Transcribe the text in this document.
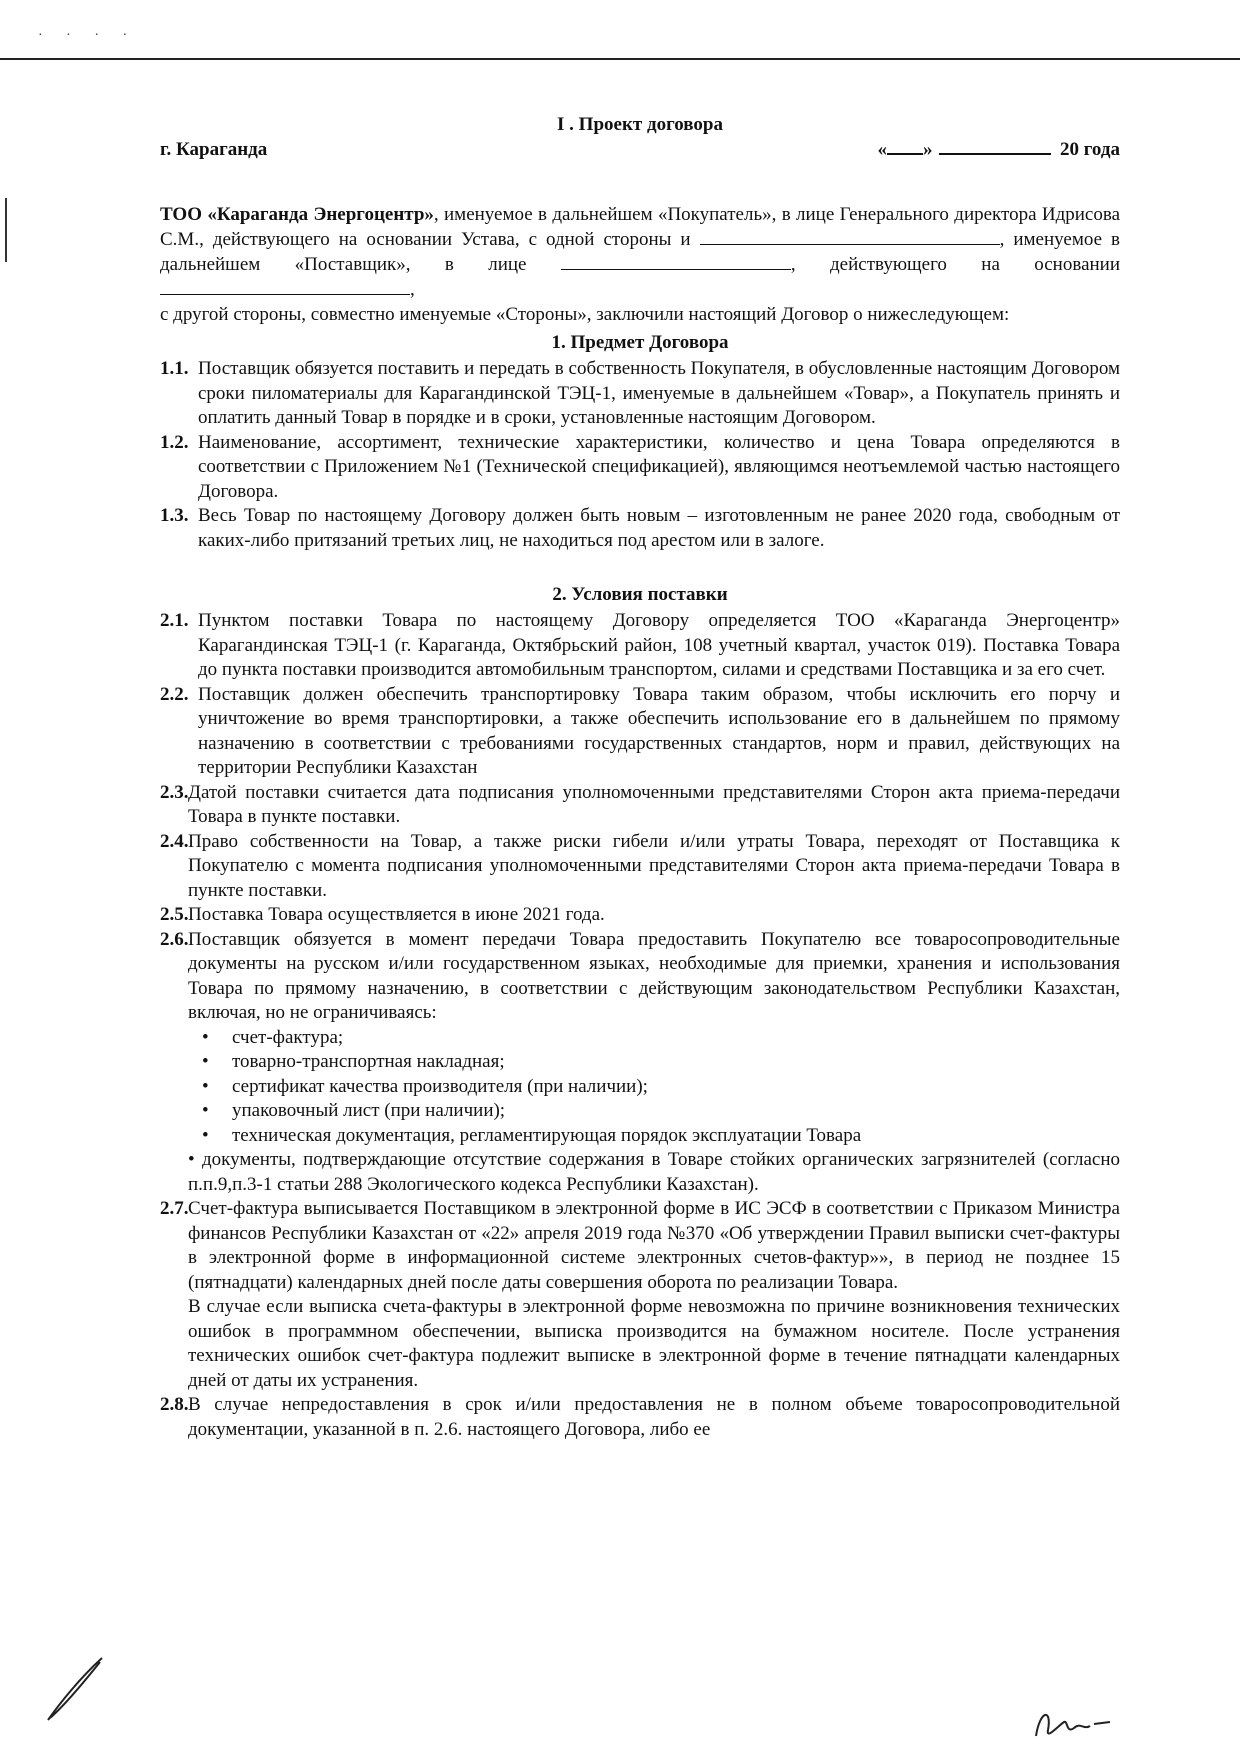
· · · ·
I . Проект договора
г. Караганда	« »	20 года
ТОО «Караганда Энергоцентр», именуемое в дальнейшем «Покупатель», в лице Генерального директора Идрисова С.М., действующего на основании Устава, с одной стороны и	, именуемое в дальнейшем «Поставщик», в лице	, действующего на основании ,
с другой стороны, совместно именуемые «Стороны», заключили настоящий Договор о нижеследующем:
1. Предмет Договора
1.1. Поставщик обязуется поставить и передать в собственность Покупателя, в обусловленные настоящим Договором сроки пиломатериалы для Карагандинской ТЭЦ-1, именуемые в дальнейшем «Товар», а Покупатель принять и оплатить данный Товар в порядке и в сроки, установленные настоящим Договором.
1.2. Наименование, ассортимент, технические характеристики, количество и цена Товара определяются в соответствии с Приложением №1 (Технической спецификацией), являющимся неотъемлемой частью настоящего Договора.
1.3. Весь Товар по настоящему Договору должен быть новым – изготовленным не ранее 2020 года, свободным от каких-либо притязаний третьих лиц, не находиться под арестом или в залоге.
2. Условия поставки
2.1. Пунктом поставки Товара по настоящему Договору определяется ТОО «Караганда Энергоцентр» Карагандинская ТЭЦ-1 (г. Караганда, Октябрьский район, 108 учетный квартал, участок 019). Поставка Товара до пункта поставки производится автомобильным транспортом, силами и средствами Поставщика и за его счет.
2.2. Поставщик должен обеспечить транспортировку Товара таким образом, чтобы исключить его порчу и уничтожение во время транспортировки, а также обеспечить использование его в дальнейшем по прямому назначению в соответствии с требованиями государственных стандартов, норм и правил, действующих на территории Республики Казахстан
2.3. Датой поставки считается дата подписания уполномоченными представителями Сторон акта приема-передачи Товара в пункте поставки.
2.4. Право собственности на Товар, а также риски гибели и/или утраты Товара, переходят от Поставщика к Покупателю с момента подписания уполномоченными представителями Сторон акта приема-передачи Товара в пункте поставки.
2.5. Поставка Товара осуществляется в июне 2021 года.
2.6. Поставщик обязуется в момент передачи Товара предоставить Покупателю все товаросопроводительные документы на русском и/или государственном языках, необходимые для приемки, хранения и использования Товара по прямому назначению, в соответствии с действующим законодательством Республики Казахстан, включая, но не ограничиваясь:
•	счет-фактура;
•	товарно-транспортная накладная;
•	сертификат качества производителя (при наличии);
•	упаковочный лист (при наличии);
•	техническая документация, регламентирующая порядок эксплуатации Товара
• документы, подтверждающие отсутствие содержания в Товаре стойких органических загрязнителей (согласно п.п.9,п.3-1 статьи 288 Экологического кодекса Республики Казахстан).
2.7. Счет-фактура выписывается Поставщиком в электронной форме в ИС ЭСФ в соответствии с Приказом Министра финансов Республики Казахстан от «22» апреля 2019 года №370 «Об утверждении Правил выписки счет-фактуры в электронной форме в информационной системе электронных счетов-фактур»», в период не позднее 15 (пятнадцати) календарных дней после даты совершения оборота по реализации Товара.
В случае если выписка счета-фактуры в электронной форме невозможна по причине возникновения технических ошибок в программном обеспечении, выписка производится на бумажном носителе. После устранения технических ошибок счет-фактура подлежит выписке в электронной форме в течение пятнадцати календарных дней от даты их устранения.
2.8. В случае непредоставления в срок и/или предоставления не в полном объеме товаросопроводительной документации, указанной в п. 2.6. настоящего Договора, либо ее
